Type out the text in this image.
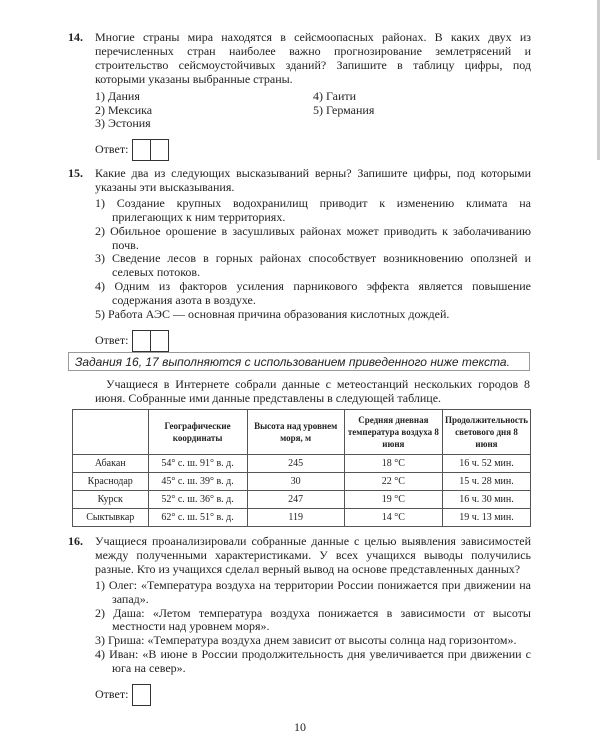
14. Многие страны мира находятся в сейсмоопасных районах. В каких двух из перечисленных стран наиболее важно прогнозирование землетрясений и строительство сейсмоустойчивых зданий? Запишите в таблицу цифры, под которыми указаны выбранные страны.
1) Дания
2) Мексика
3) Эстония
4) Гаити
5) Германия
Ответ:
15. Какие два из следующих высказываний верны? Запишите цифры, под которыми указаны эти высказывания.
1) Создание крупных водохранилищ приводит к изменению климата на прилегающих к ним территориях.
2) Обильное орошение в засушливых районах может приводить к заболачиванию почв.
3) Сведение лесов в горных районах способствует возникновению оползней и селевых потоков.
4) Одним из факторов усиления парникового эффекта является повышение содержания азота в воздухе.
5) Работа АЭС — основная причина образования кислотных дождей.
Ответ:
Задания 16, 17 выполняются с использованием приведенного ниже текста.
Учащиеся в Интернете собрали данные с метеостанций нескольких городов 8 июня. Собранные ими данные представлены в следующей таблице.
	Географические координаты	Высота над уровнем моря, м	Средняя дневная температура воздуха 8 июня	Продолжительность светового дня 8 июня
Абакан	54° с. ш. 91° в. д.	245	18 °С	16 ч. 52 мин.
Краснодар	45° с. ш. 39° в. д.	30	22 °С	15 ч. 28 мин.
Курск	52° с. ш. 36° в. д.	247	19 °С	16 ч. 30 мин.
Сыктывкар	62° с. ш. 51° в. д.	119	14 °С	19 ч. 13 мин.
16. Учащиеся проанализировали собранные данные с целью выявления зависимостей между полученными характеристиками. У всех учащихся выводы получились разные. Кто из учащихся сделал верный вывод на основе представленных данных?
1) Олег: «Температура воздуха на территории России понижается при движении на запад».
2) Даша: «Летом температура воздуха понижается в зависимости от высоты местности над уровнем моря».
3) Гриша: «Температура воздуха днем зависит от высоты солнца над горизонтом».
4) Иван: «В июне в России продолжительность дня увеличивается при движении с юга на север».
Ответ:
10
